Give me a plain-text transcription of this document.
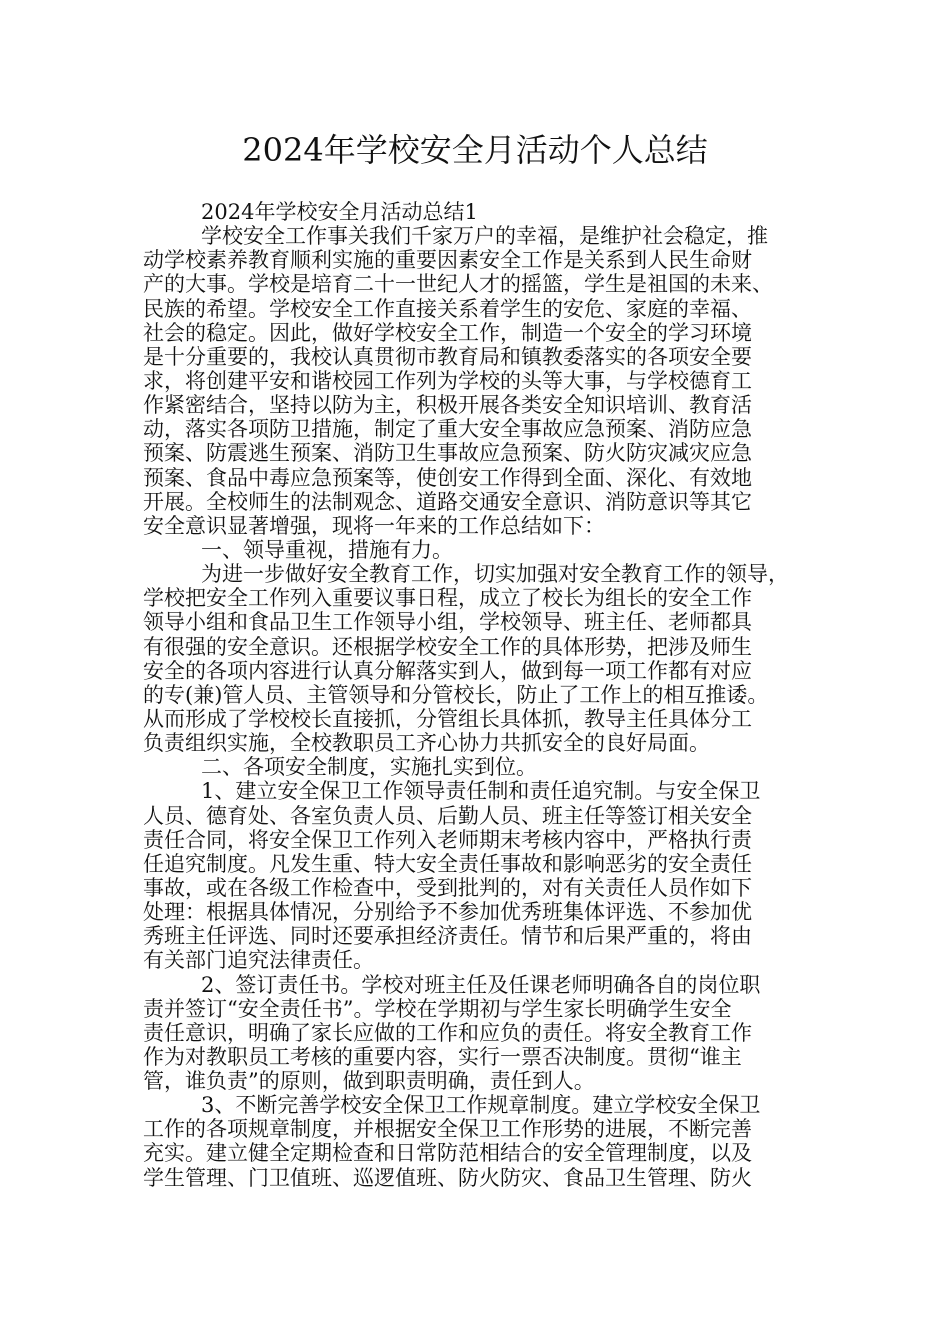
2024年学校安全月活动个人总结
2024年学校安全月活动总结1
学校安全工作事关我们千家万户的幸福，是维护社会稳定，推
动学校素养教育顺利实施的重要因素安全工作是关系到人民生命财
产的大事。学校是培育二十一世纪人才的摇篮，学生是祖国的未来、
民族的希望。学校安全工作直接关系着学生的安危、家庭的幸福、
社会的稳定。因此，做好学校安全工作，制造一个安全的学习环境
是十分重要的，我校认真贯彻市教育局和镇教委落实的各项安全要
求，将创建平安和谐校园工作列为学校的头等大事，与学校德育工
作紧密结合，坚持以防为主，积极开展各类安全知识培训、教育活
动，落实各项防卫措施，制定了重大安全事故应急预案、消防应急
预案、防震逃生预案、消防卫生事故应急预案、防火防灾减灾应急
预案、食品中毒应急预案等，使创安工作得到全面、深化、有效地
开展。全校师生的法制观念、道路交通安全意识、消防意识等其它
安全意识显著增强，现将一年来的工作总结如下：
一、领导重视，措施有力。
为进一步做好安全教育工作，切实加强对安全教育工作的领导，
学校把安全工作列入重要议事日程，成立了校长为组长的安全工作
领导小组和食品卫生工作领导小组，学校领导、班主任、老师都具
有很强的安全意识。还根据学校安全工作的具体形势，把涉及师生
安全的各项内容进行认真分解落实到人，做到每一项工作都有对应
的专(兼)管人员、主管领导和分管校长，防止了工作上的相互推诿。
从而形成了学校校长直接抓，分管组长具体抓，教导主任具体分工
负责组织实施，全校教职员工齐心协力共抓安全的良好局面。
二、各项安全制度，实施扎实到位。
1、建立安全保卫工作领导责任制和责任追究制。与安全保卫
人员、德育处、各室负责人员、后勤人员、班主任等签订相关安全
责任合同，将安全保卫工作列入老师期末考核内容中，严格执行责
任追究制度。凡发生重、特大安全责任事故和影响恶劣的安全责任
事故，或在各级工作检查中，受到批判的，对有关责任人员作如下
处理：根据具体情况，分别给予不参加优秀班集体评选、不参加优
秀班主任评选、同时还要承担经济责任。情节和后果严重的，将由
有关部门追究法律责任。
2、签订责任书。学校对班主任及任课老师明确各自的岗位职
责并签订“安全责任书”。学校在学期初与学生家长明确学生安全
责任意识，明确了家长应做的工作和应负的责任。将安全教育工作
作为对教职员工考核的重要内容，实行一票否决制度。贯彻“谁主
管，谁负责”的原则，做到职责明确，责任到人。
3、不断完善学校安全保卫工作规章制度。建立学校安全保卫
工作的各项规章制度，并根据安全保卫工作形势的进展，不断完善
充实。建立健全定期检查和日常防范相结合的安全管理制度，以及
学生管理、门卫值班、巡逻值班、防火防灾、食品卫生管理、防火
